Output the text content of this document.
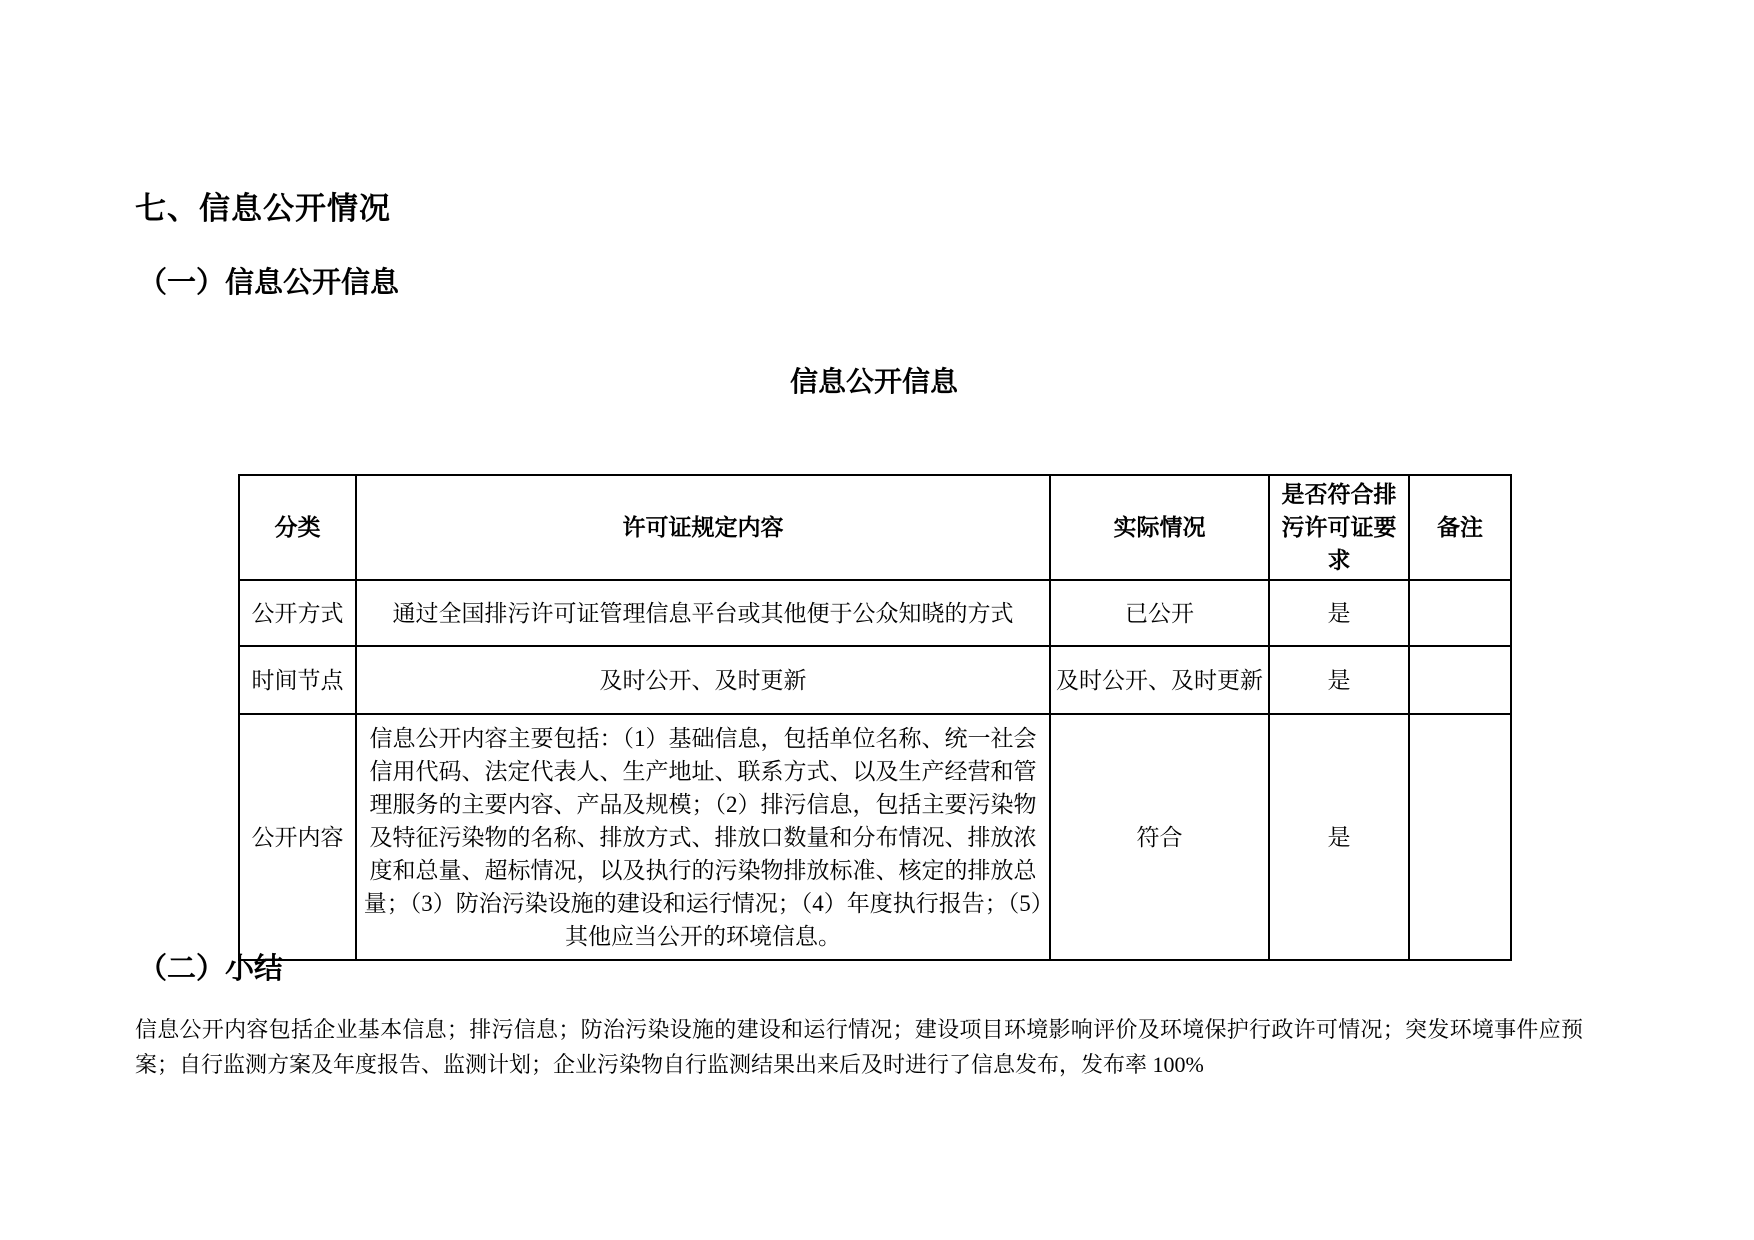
七、信息公开情况
（一）信息公开信息
信息公开信息
分类	许可证规定内容	实际情况	是否符合排污许可证要求	备注
公开方式	通过全国排污许可证管理信息平台或其他便于公众知晓的方式	已公开	是	
时间节点	及时公开、及时更新	及时公开、及时更新	是	
公开内容	信息公开内容主要包括：（1）基础信息，包括单位名称、统一社会信用代码、法定代表人、生产地址、联系方式、以及生产经营和管理服务的主要内容、产品及规模；（2）排污信息，包括主要污染物及特征污染物的名称、排放方式、排放口数量和分布情况、排放浓度和总量、超标情况，以及执行的污染物排放标准、核定的排放总量；（3）防治污染设施的建设和运行情况；（4）年度执行报告；（5）其他应当公开的环境信息。	符合	是	
（二）小结
信息公开内容包括企业基本信息；排污信息；防治污染设施的建设和运行情况；建设项目环境影响评价及环境保护行政许可情况；突发环境事件应预案；自行监测方案及年度报告、监测计划；企业污染物自行监测结果出来后及时进行了信息发布，发布率 100%
